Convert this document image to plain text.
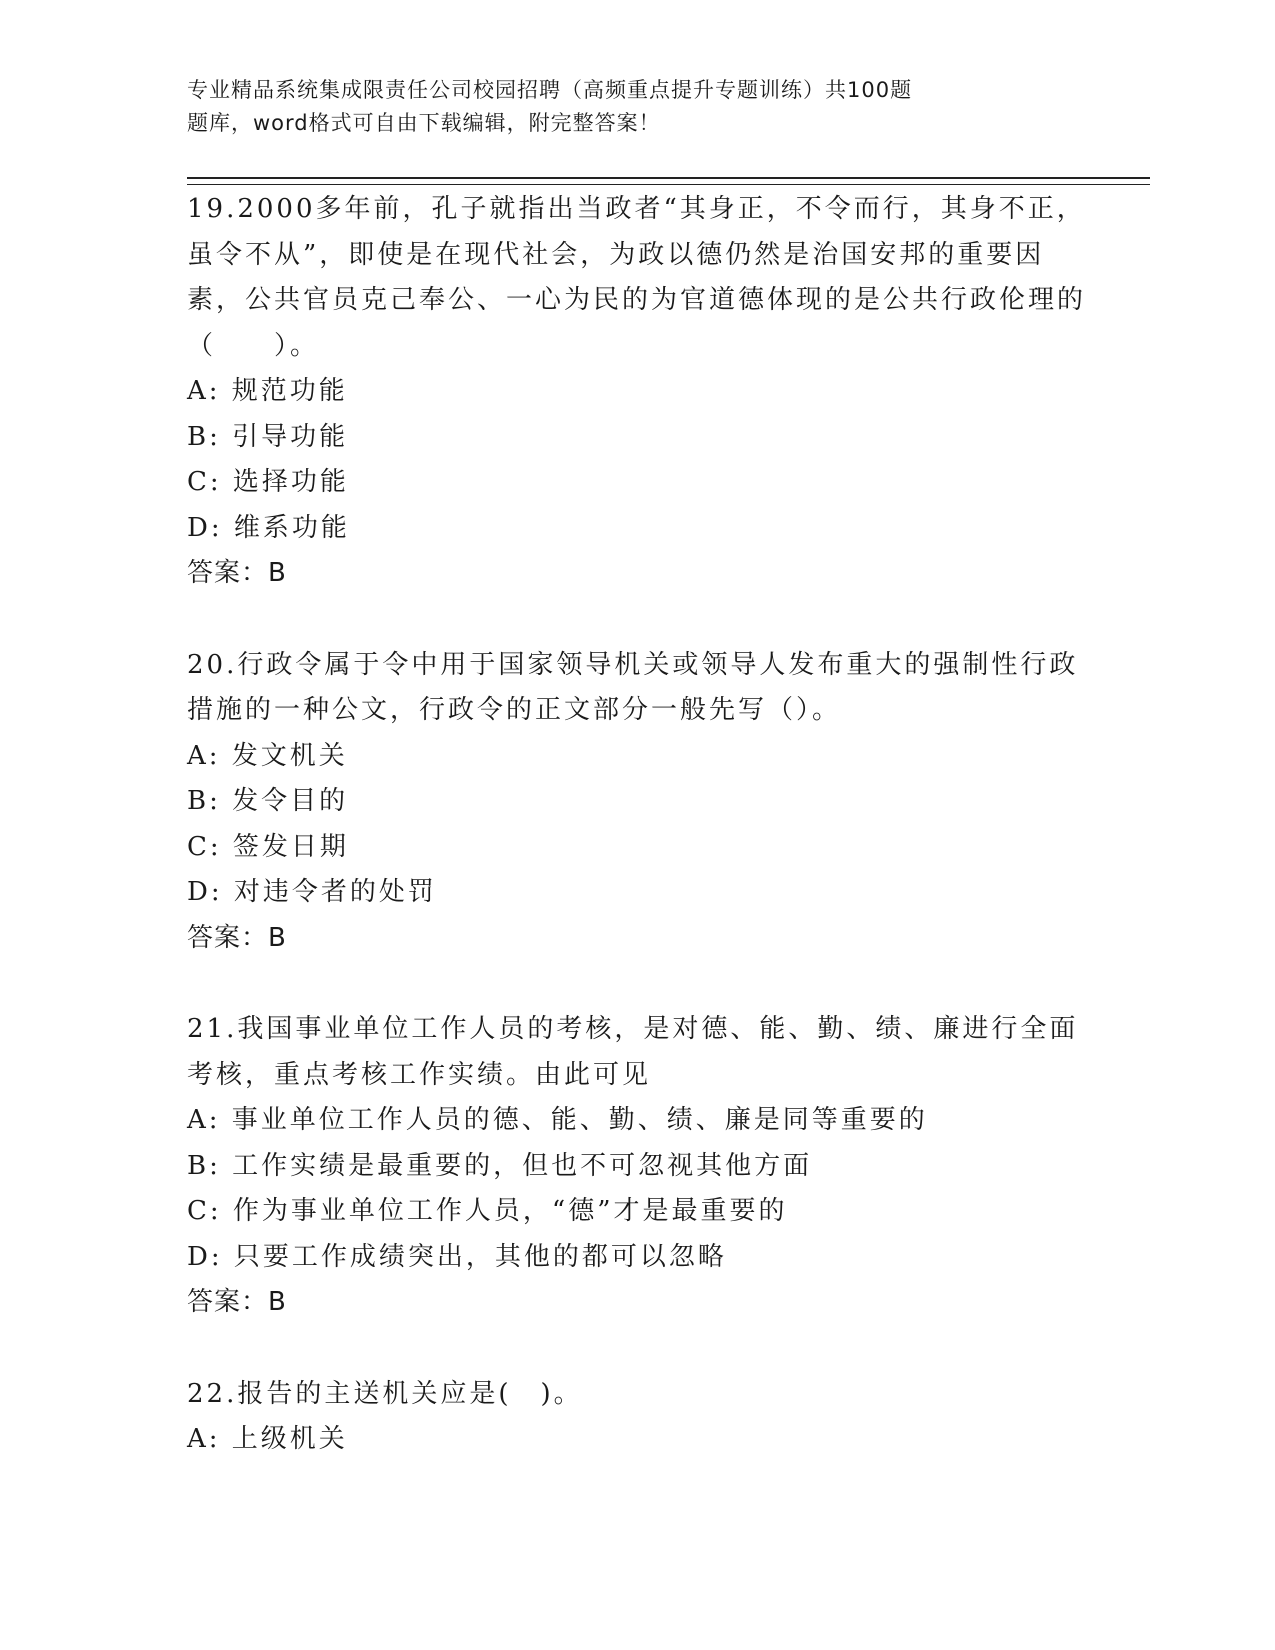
专业精品系统集成限责任公司校园招聘（高频重点提升专题训练）共100题
题库，word格式可自由下载编辑，附完整答案！

19.2000多年前，孔子就指出当政者“其身正，不令而行，其身不正，虽令不从”，即使是在现代社会，为政以德仍然是治国安邦的重要因素，公共官员克己奉公、一心为民的为官道德体现的是公共行政伦理的（　　）。

A: 规范功能

B: 引导功能

C: 选择功能

D: 维系功能

答案：B

20.行政令属于令中用于国家领导机关或领导人发布重大的强制性行政措施的一种公文，行政令的正文部分一般先写（）。

A: 发文机关

B: 发令目的

C: 签发日期

D: 对违令者的处罚

答案：B

21.我国事业单位工作人员的考核，是对德、能、勤、绩、廉进行全面考核，重点考核工作实绩。由此可见

A: 事业单位工作人员的德、能、勤、绩、廉是同等重要的

B: 工作实绩是最重要的，但也不可忽视其他方面

C: 作为事业单位工作人员，“德”才是最重要的

D: 只要工作成绩突出，其他的都可以忽略

答案：B

22.报告的主送机关应是(　)。

A: 上级机关
